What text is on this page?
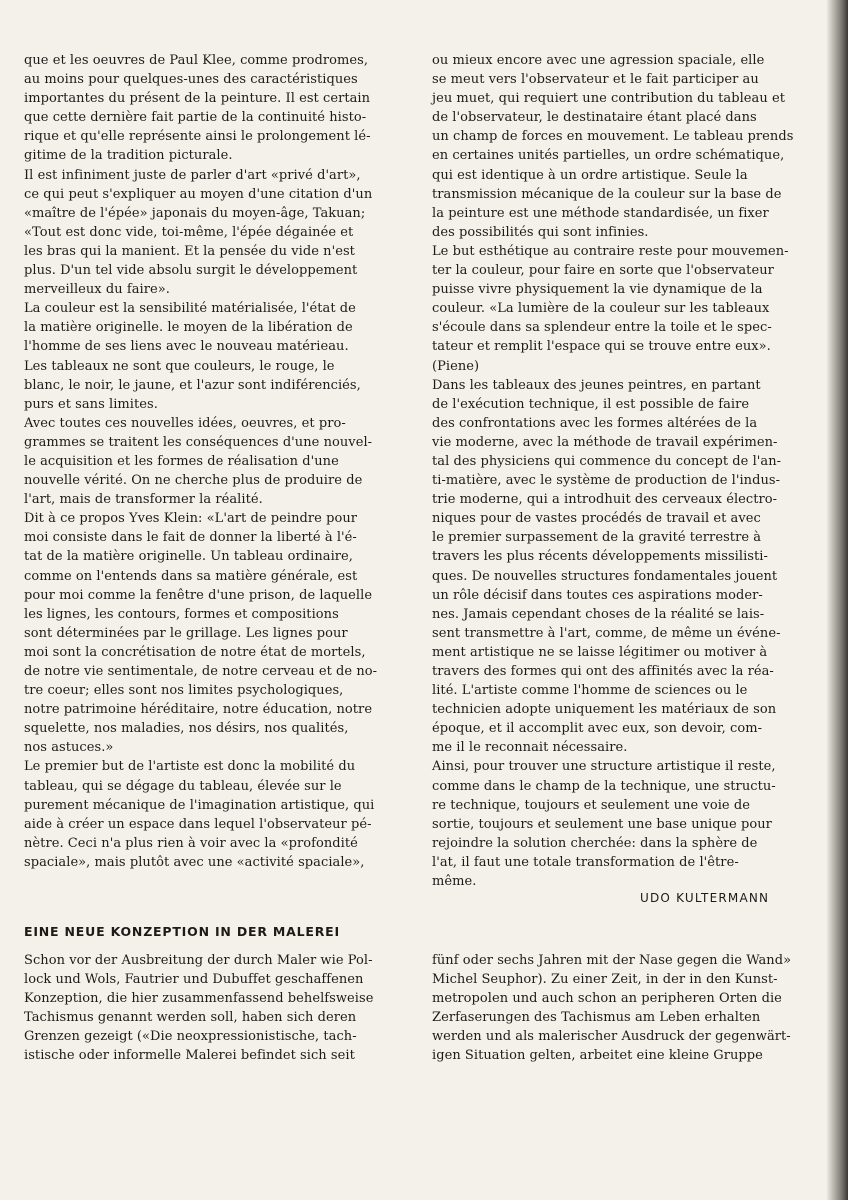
que et les oeuvres de Paul Klee, comme prodromes,

au moins pour quelques-unes des caractéristiques

importantes du présent de la peinture. Il est certain

que cette dernière fait partie de la continuité histo-

rique et qu'elle représente ainsi le prolongement lé-

gitime de la tradition picturale.

Il est infiniment juste de parler d'art «privé d'art»,

ce qui peut s'expliquer au moyen d'une citation d'un

«maître de l'épée» japonais du moyen-âge, Takuan;

«Tout est donc vide, toi-même, l'épée dégainée et

les bras qui la manient. Et la pensée du vide n'est

plus. D'un tel vide absolu surgit le développement

merveilleux du faire».

La couleur est la sensibilité matérialisée, l'état de

la matière originelle. le moyen de la libération de

l'homme de ses liens avec le nouveau matérieau.

Les tableaux ne sont que couleurs, le rouge, le

blanc, le noir, le jaune, et l'azur sont indiférenciés,

purs et sans limites.

Avec toutes ces nouvelles idées, oeuvres, et pro-

grammes se traitent les conséquences d'une nouvel-

le acquisition et les formes de réalisation d'une

nouvelle vérité. On ne cherche plus de produire de

l'art, mais de transformer la réalité.

Dit à ce propos Yves Klein: «L'art de peindre pour

moi consiste dans le fait de donner la liberté à l'é-

tat de la matière originelle. Un tableau ordinaire,

comme on l'entends dans sa matière générale, est

pour moi comme la fenêtre d'une prison, de laquelle

les lignes, les contours, formes et compositions

sont déterminées par le grillage. Les lignes pour

moi sont la concrétisation de notre état de mortels,

de notre vie sentimentale, de notre cerveau et de no-

tre coeur; elles sont nos limites psychologiques,

notre patrimoine héréditaire, notre éducation, notre

squelette, nos maladies, nos désirs, nos qualités,

nos astuces.»

Le premier but de l'artiste est donc la mobilité du

tableau, qui se dégage du tableau, élevée sur le

purement mécanique de l'imagination artistique, qui

aide à créer un espace dans lequel l'observateur pé-

nètre. Ceci n'a plus rien à voir avec la «profondité

spaciale», mais plutôt avec une «activité spaciale»,

ou mieux encore avec une agression spaciale, elle

se meut vers l'observateur et le fait participer au

jeu muet, qui requiert une contribution du tableau et

de l'observateur, le destinataire étant placé dans

un champ de forces en mouvement. Le tableau prends

en certaines unités partielles, un ordre schématique,

qui est identique à un ordre artistique. Seule la

transmission mécanique de la couleur sur la base de

la peinture est une méthode standardisée, un fixer

des possibilités qui sont infinies.

Le but esthétique au contraire reste pour mouvemen-

ter la couleur, pour faire en sorte que l'observateur

puisse vivre physiquement la vie dynamique de la

couleur. «La lumière de la couleur sur les tableaux

s'écoule dans sa splendeur entre la toile et le spec-

tateur et remplit l'espace qui se trouve entre eux».

(Piene)

Dans les tableaux des jeunes peintres, en partant

de l'exécution technique, il est possible de faire

des confrontations avec les formes altérées de la

vie moderne, avec la méthode de travail expérimen-

tal des physiciens qui commence du concept de l'an-

ti-matière, avec le système de production de l'indus-

trie moderne, qui a introdhuit des cerveaux électro-

niques pour de vastes procédés de travail et avec

le premier surpassement de la gravité terrestre à

travers les plus récents développements missilisti-

ques. De nouvelles structures fondamentales jouent

un rôle décisif dans toutes ces aspirations moder-

nes. Jamais cependant choses de la réalité se lais-

sent transmettre à l'art, comme, de même un événe-

ment artistique ne se laisse légitimer ou motiver à

travers des formes qui ont des affinités avec la réa-

lité. L'artiste comme l'homme de sciences ou le

technicien adopte uniquement les matériaux de son

époque, et il accomplit avec eux, son devoir, com-

me il le reconnait nécessaire.

Ainsi, pour trouver une structure artistique il reste,

comme dans le champ de la technique, une structu-

re technique, toujours et seulement une voie de

sortie, toujours et seulement une base unique pour

rejoindre la solution cherchée: dans la sphère de

l'at, il faut une totale transformation de l'être-

même.

UDO KULTERMANN
EINE NEUE KONZEPTION IN DER MALEREI

Schon vor der Ausbreitung der durch Maler wie Pol-

lock und Wols, Fautrier und Dubuffet geschaffenen

Konzeption, die hier zusammenfassend behelfsweise

Tachismus genannt werden soll, haben sich deren

Grenzen gezeigt («Die neoxpressionistische, tach-

istische oder informelle Malerei befindet sich seit

fünf oder sechs Jahren mit der Nase gegen die Wand»

Michel Seuphor). Zu einer Zeit, in der in den Kunst-

metropolen und auch schon an peripheren Orten die

Zerfaserungen des Tachismus am Leben erhalten

werden und als malerischer Ausdruck der gegenwärt-

igen Situation gelten, arbeitet eine kleine Gruppe
